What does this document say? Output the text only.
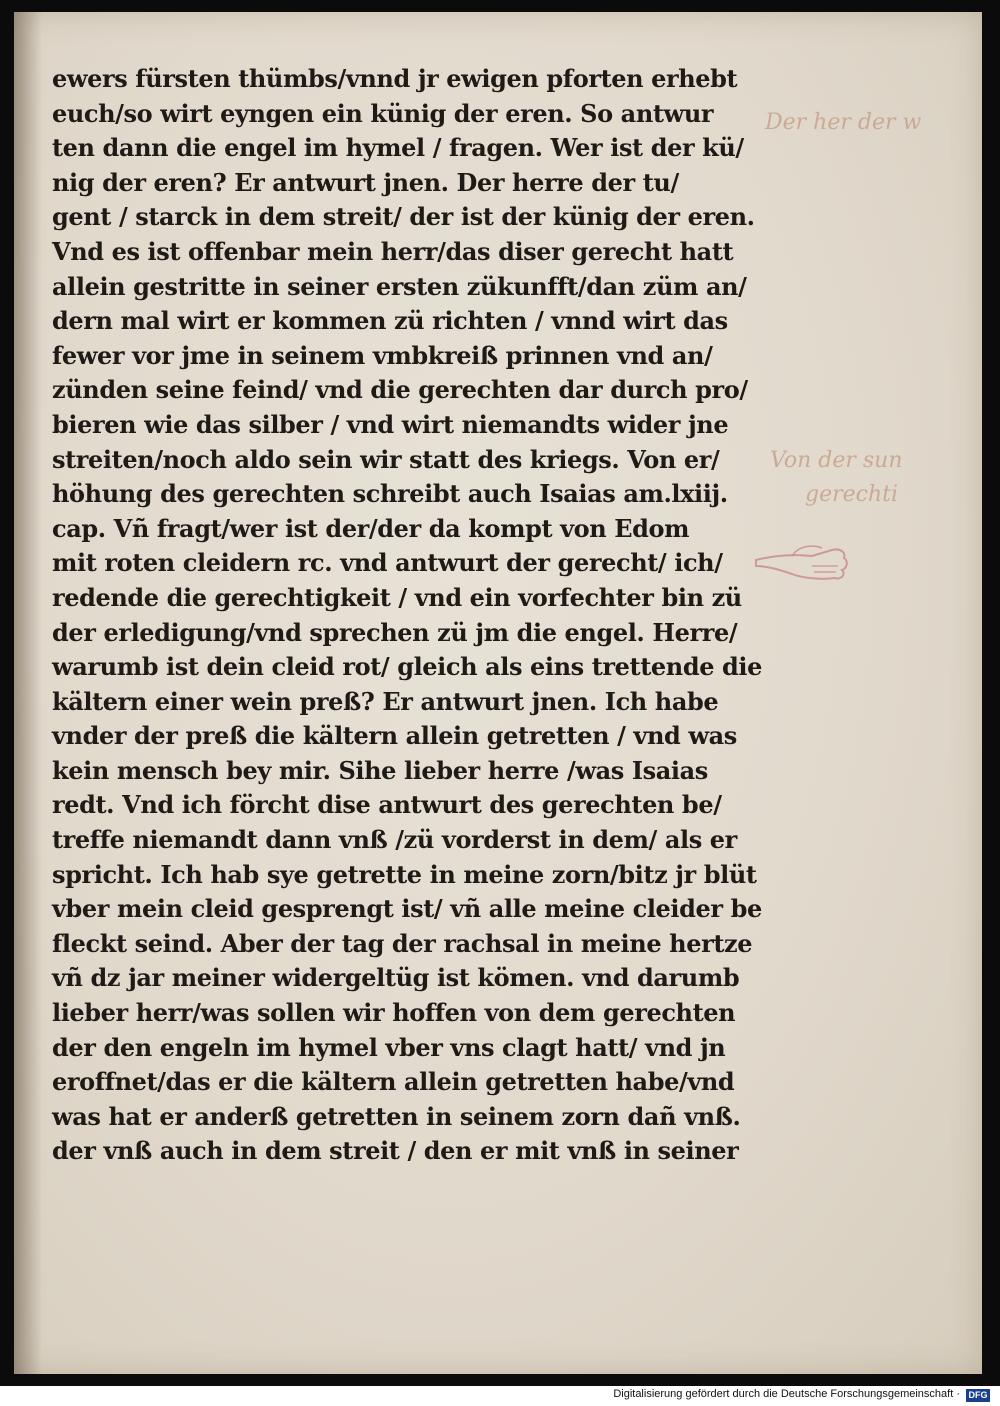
ewers fürsten thümbs/vnnd jr ewigen pforten erhebt
euch/so wirt eyngen ein künig der eren. So antwur
ten dann die engel im hymel / fragen. Wer ist der kü/
nig der eren? Er antwurt jnen. Der herre der tu/
gent / starck in dem streit/ der ist der künig der eren.
Vnd es ist offenbar mein herr/das diser gerecht hatt
allein gestritte in seiner ersten zükunfft/dan züm an/
dern mal wirt er kommen zü richten / vnnd wirt das
fewer vor jme in seinem vmbkreiß prinnen vnd an/
zünden seine feind/ vnd die gerechten dar durch pro/
bieren wie das silber / vnd wirt niemandts wider jne
streiten/noch aldo sein wir statt des kriegs. Von er/
höhung des gerechten schreibt auch Isaias am.lxiij.
cap. Vñ fragt/wer ist der/der da kompt von Edom
mit roten cleidern rc. vnd antwurt der gerecht/ ich/
redende die gerechtigkeit / vnd ein vorfechter bin zü
der erledigung/vnd sprechen zü jm die engel. Herre/
warumb ist dein cleid rot/ gleich als eins trettende die
kältern einer wein preß? Er antwurt jnen. Ich habe
vnder der preß die kältern allein getretten / vnd was
kein mensch bey mir. Sihe lieber herre /was Isaias
redt. Vnd ich förcht dise antwurt des gerechten be/
treffe niemandt dann vnß /zü vorderst in dem/ als er
spricht. Ich hab sye getrette in meine zorn/bitz jr blüt
vber mein cleid gesprengt ist/ vñ alle meine cleider be
fleckt seind. Aber der tag der rachsal in meine hertze
vñ dz jar meiner widergeltüg ist kömen. vnd darumb
lieber herr/was sollen wir hoffen von dem gerechten
der den engeln im hymel vber vns clagt hatt/ vnd jn
eroffnet/das er die kältern allein getretten habe/vnd
was hat er anderß getretten in seinem zorn dañ vnß.
der vnß auch in dem streit / den er mit vnß in seiner
Der her der w
Von der sun
gerechti
Digitalisierung gefördert durch die Deutsche Forschungsgemeinschaft · DFG
